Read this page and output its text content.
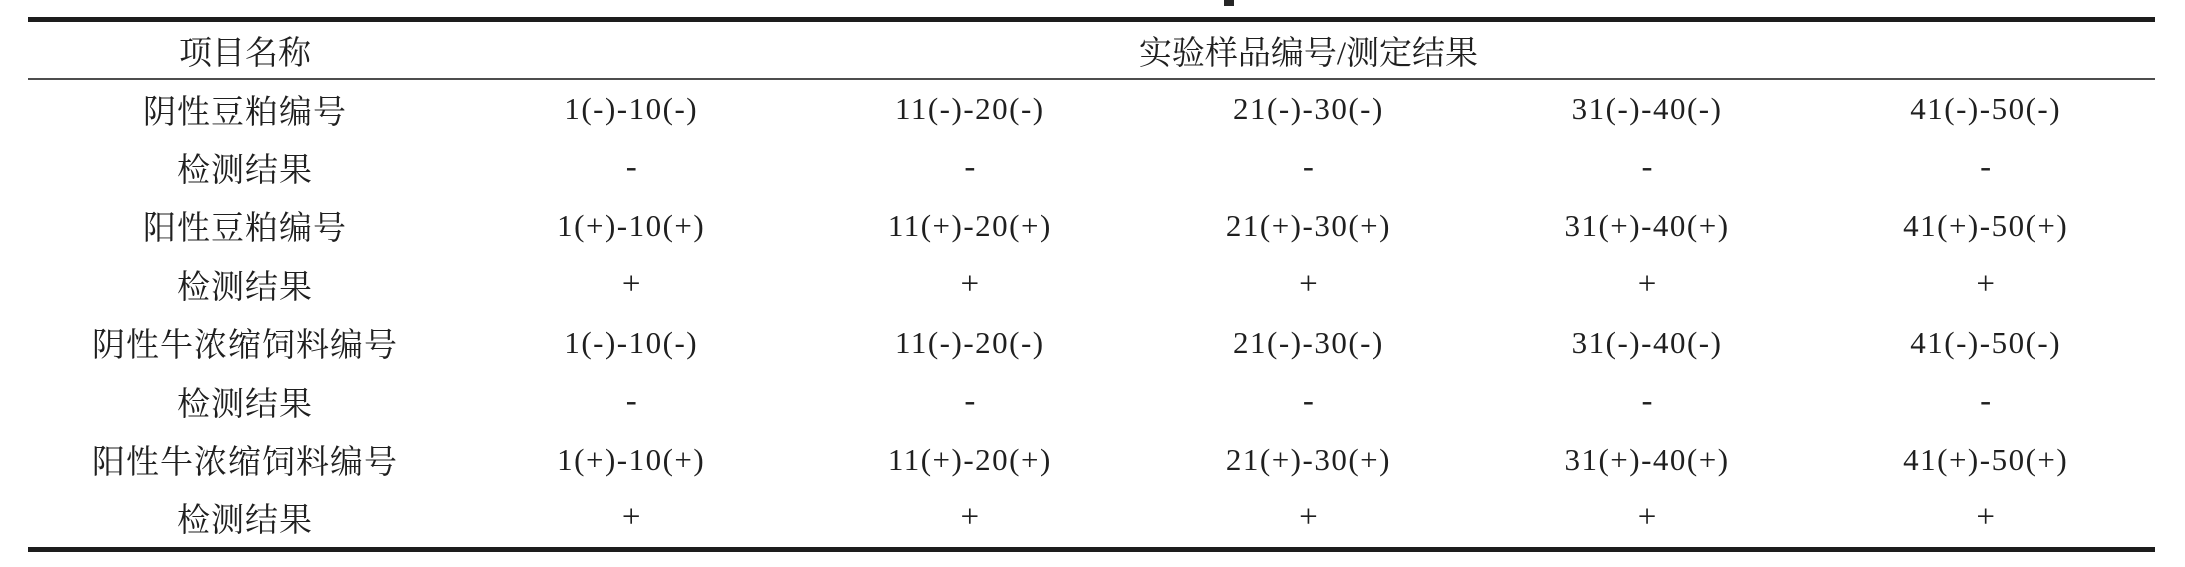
项目名称	实验样品编号/测定结果				
阴性豆粕编号	1(-)-10(-)	11(-)-20(-)	21(-)-30(-)	31(-)-40(-)	41(-)-50(-)
检测结果	-	-	-	-	-
阳性豆粕编号	1(+)-10(+)	11(+)-20(+)	21(+)-30(+)	31(+)-40(+)	41(+)-50(+)
检测结果	+	+	+	+	+
阴性牛浓缩饲料编号	1(-)-10(-)	11(-)-20(-)	21(-)-30(-)	31(-)-40(-)	41(-)-50(-)
检测结果	-	-	-	-	-
阳性牛浓缩饲料编号	1(+)-10(+)	11(+)-20(+)	21(+)-30(+)	31(+)-40(+)	41(+)-50(+)
检测结果	+	+	+	+	+
